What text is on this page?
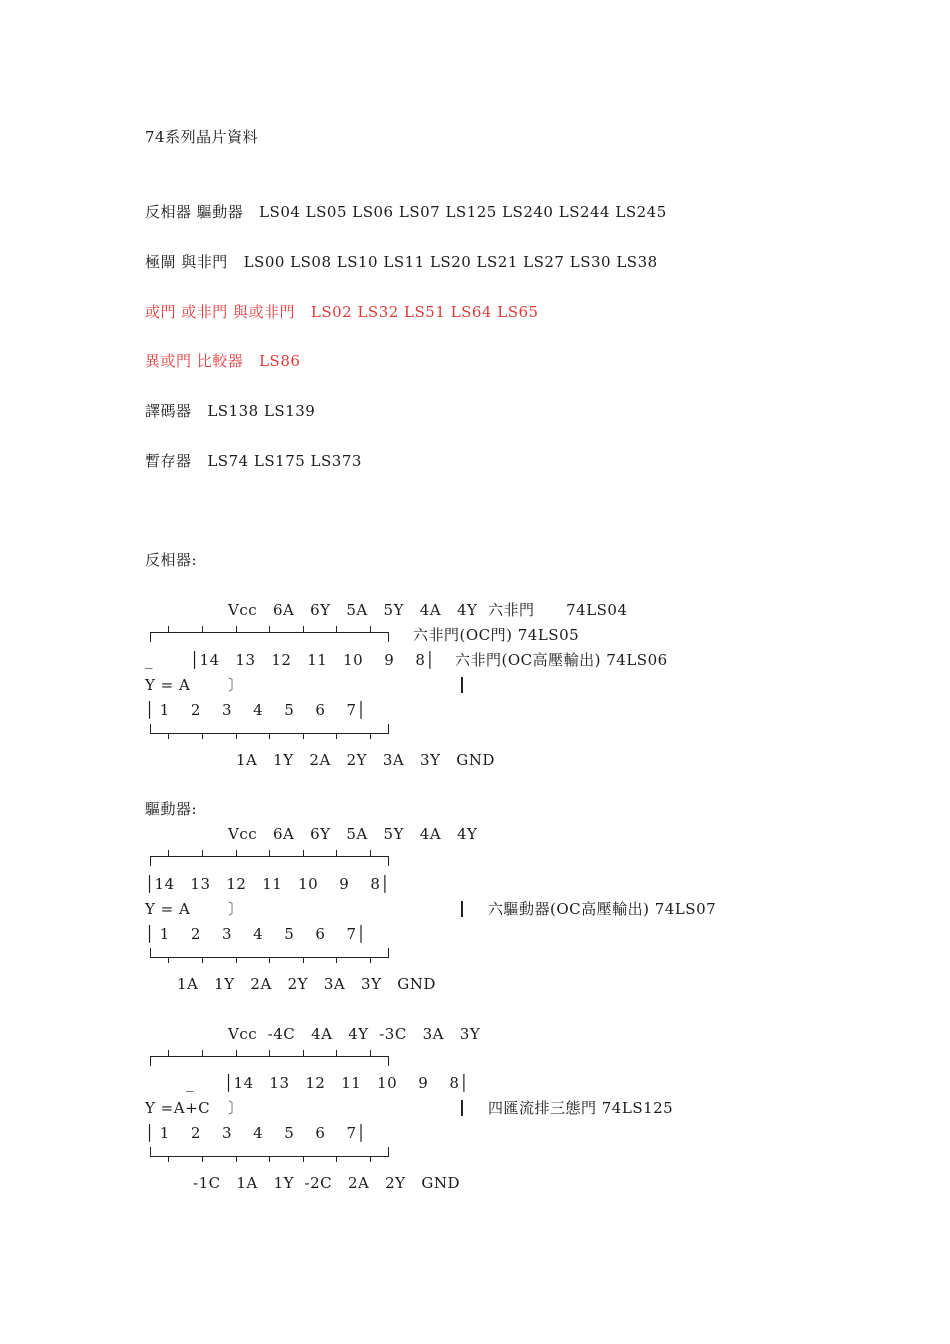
74系列晶片資料
反相器 驅動器 LS04 LS05 LS06 LS07 LS125 LS240 LS244 LS245
極閘 與非門 LS00 LS08 LS10 LS11 LS20 LS21 LS27 LS30 LS38
或門 或非門 與或非門 LS02 LS32 LS51 LS64 LS65
異或門 比較器 LS86
譯碼器 LS138 LS139
暫存器 LS74 LS175 LS373
反相器:
Vcc   6A   6Y   5A   5Y   4A   4Y 六非門      74LS04
六非門(OC門) 74LS05
_	│14   13   12   11   10    9    8│ 六非門(OC高壓輸出) 74LS06
Y = A	〕
│ 1    2    3    4    5    6    7│
1A   1Y   2A   2Y   3A   3Y   GND
驅動器:
Vcc   6A   6Y   5A   5Y   4A   4Y
│14   13   12   11   10    9    8│
Y = A	〕	六驅動器(OC高壓輸出) 74LS07
│ 1    2    3    4    5    6    7│
1A   1Y   2A   2Y   3A   3Y   GND
Vcc  -4C   4A   4Y  -3C   3A   3Y
_ │14   13   12   11   10    9    8│
Y =A+C 〕	四匯流排三態門 74LS125
│ 1    2    3    4    5    6    7│
-1C   1A   1Y  -2C   2A   2Y   GND
